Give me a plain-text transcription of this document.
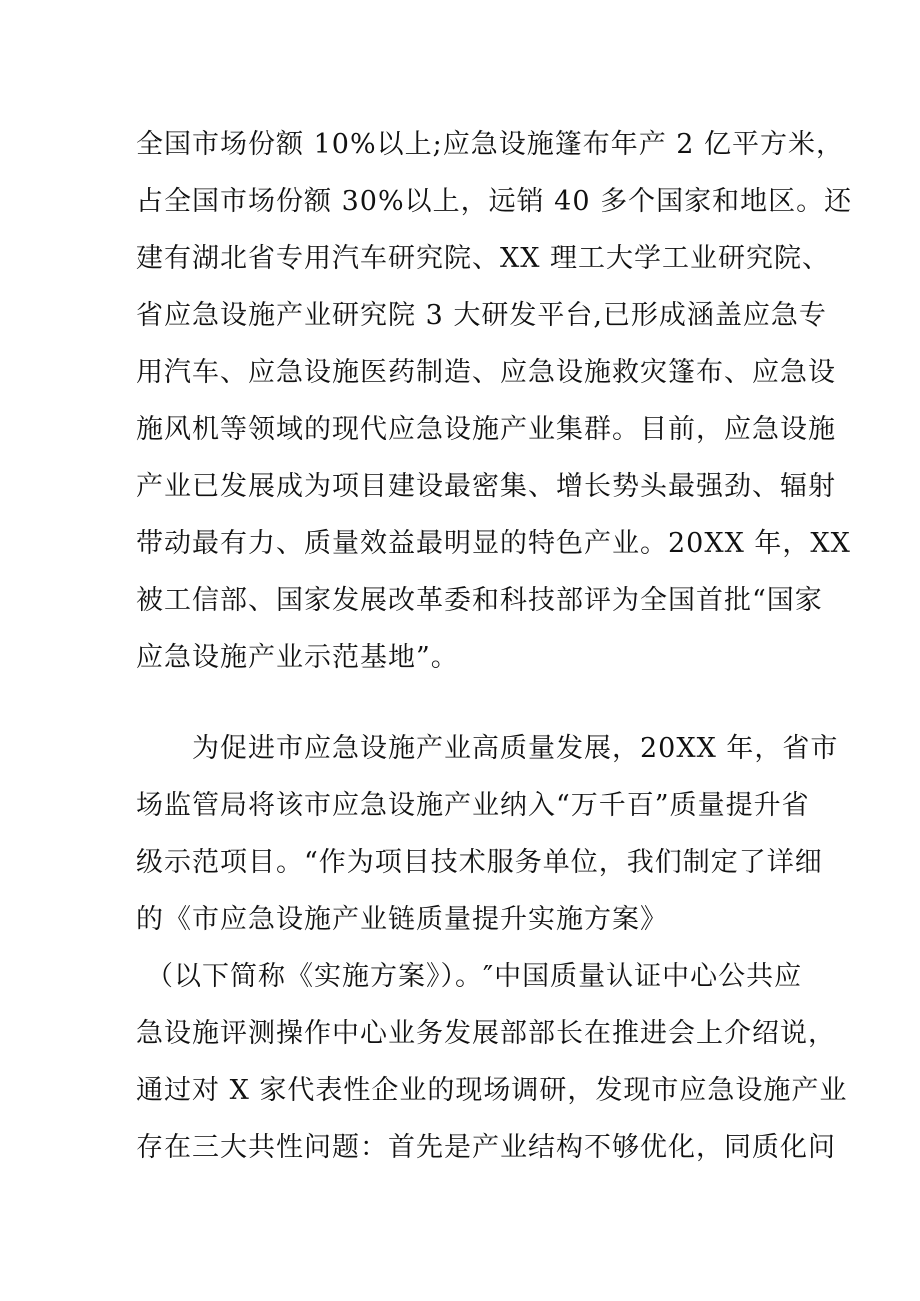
全国市场份额 10%以上;应急设施篷布年产 2 亿平方米，
占全国市场份额 30%以上，远销 40 多个国家和地区。还
建有湖北省专用汽车研究院、XX 理工大学工业研究院、
省应急设施产业研究院 3 大研发平台,已形成涵盖应急专
用汽车、应急设施医药制造、应急设施救灾篷布、应急设
施风机等领域的现代应急设施产业集群。目前，应急设施
产业已发展成为项目建设最密集、增长势头最强劲、辐射
带动最有力、质量效益最明显的特色产业。20XX 年，XX
被工信部、国家发展改革委和科技部评为全国首批“国家
应急设施产业示范基地”。
为促进市应急设施产业高质量发展，20XX 年，省市
场监管局将该市应急设施产业纳入“万千百”质量提升省
级示范项目。“作为项目技术服务单位，我们制定了详细
的《市应急设施产业链质量提升实施方案》
（以下简称《实施方案》）。″中国质量认证中心公共应
急设施评测操作中心业务发展部部长在推进会上介绍说，
通过对 X 家代表性企业的现场调研，发现市应急设施产业
存在三大共性问题：首先是产业结构不够优化，同质化问
